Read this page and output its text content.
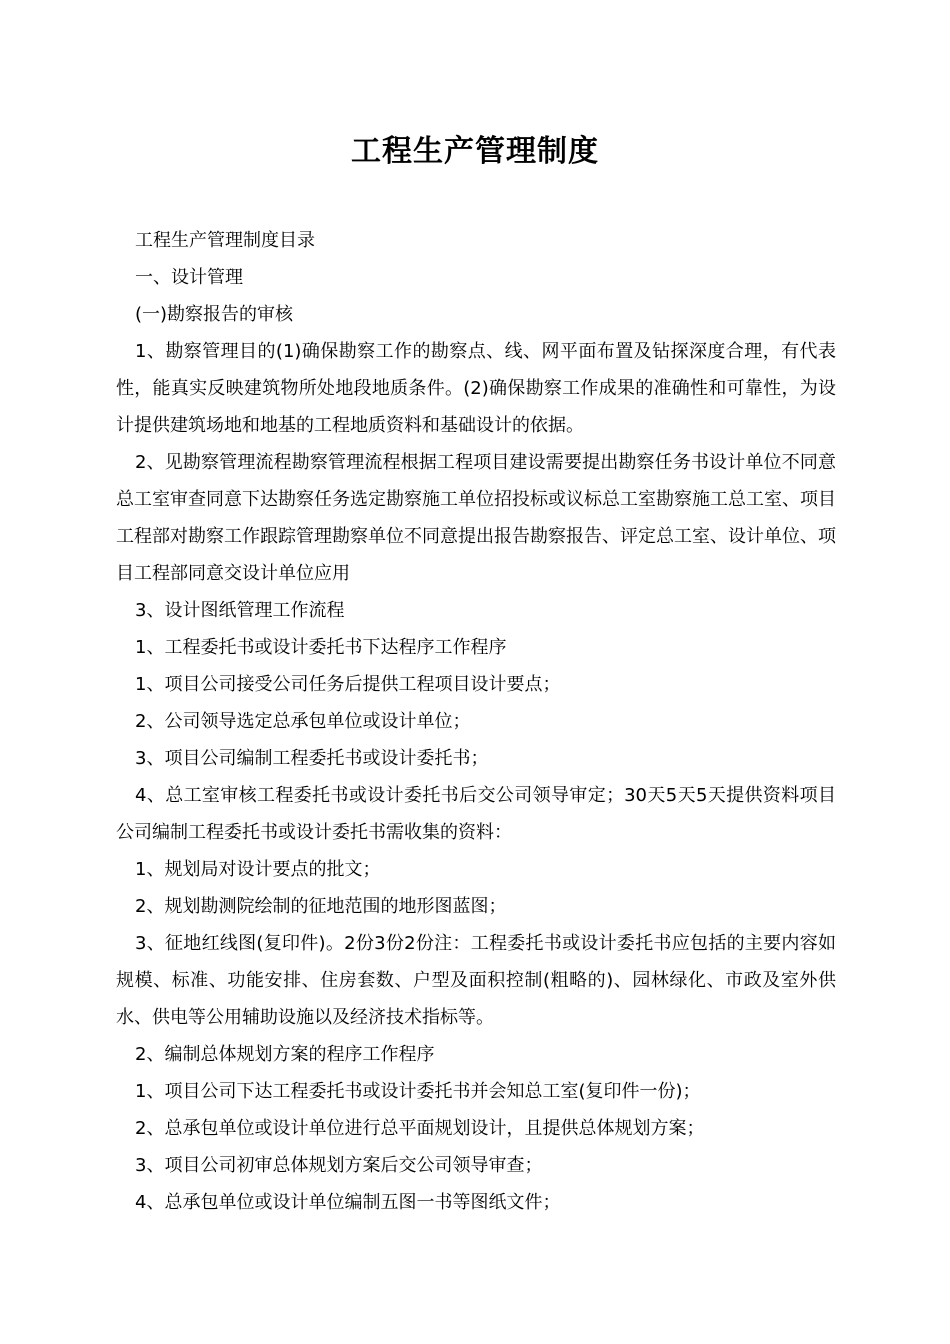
工程生产管理制度

工程生产管理制度目录

一、设计管理

(一)勘察报告的审核

1、勘察管理目的(1)确保勘察工作的勘察点、线、网平面布置及钻探深度合理，有代表性，能真实反映建筑物所处地段地质条件。(2)确保勘察工作成果的准确性和可靠性，为设计提供建筑场地和地基的工程地质资料和基础设计的依据。

2、见勘察管理流程勘察管理流程根据工程项目建设需要提出勘察任务书设计单位不同意总工室审查同意下达勘察任务选定勘察施工单位招投标或议标总工室勘察施工总工室、项目工程部对勘察工作跟踪管理勘察单位不同意提出报告勘察报告、评定总工室、设计单位、项目工程部同意交设计单位应用

3、设计图纸管理工作流程

1、工程委托书或设计委托书下达程序工作程序

1、项目公司接受公司任务后提供工程项目设计要点；

2、公司领导选定总承包单位或设计单位；

3、项目公司编制工程委托书或设计委托书；

4、总工室审核工程委托书或设计委托书后交公司领导审定；30天5天5天提供资料项目公司编制工程委托书或设计委托书需收集的资料：

1、规划局对设计要点的批文；

2、规划勘测院绘制的征地范围的地形图蓝图；

3、征地红线图(复印件)。2份3份2份注：工程委托书或设计委托书应包括的主要内容如规模、标准、功能安排、住房套数、户型及面积控制(粗略的)、园林绿化、市政及室外供水、供电等公用辅助设施以及经济技术指标等。

2、编制总体规划方案的程序工作程序

1、项目公司下达工程委托书或设计委托书并会知总工室(复印件一份)；

2、总承包单位或设计单位进行总平面规划设计，且提供总体规划方案；

3、项目公司初审总体规划方案后交公司领导审查；

4、总承包单位或设计单位编制五图一书等图纸文件；
